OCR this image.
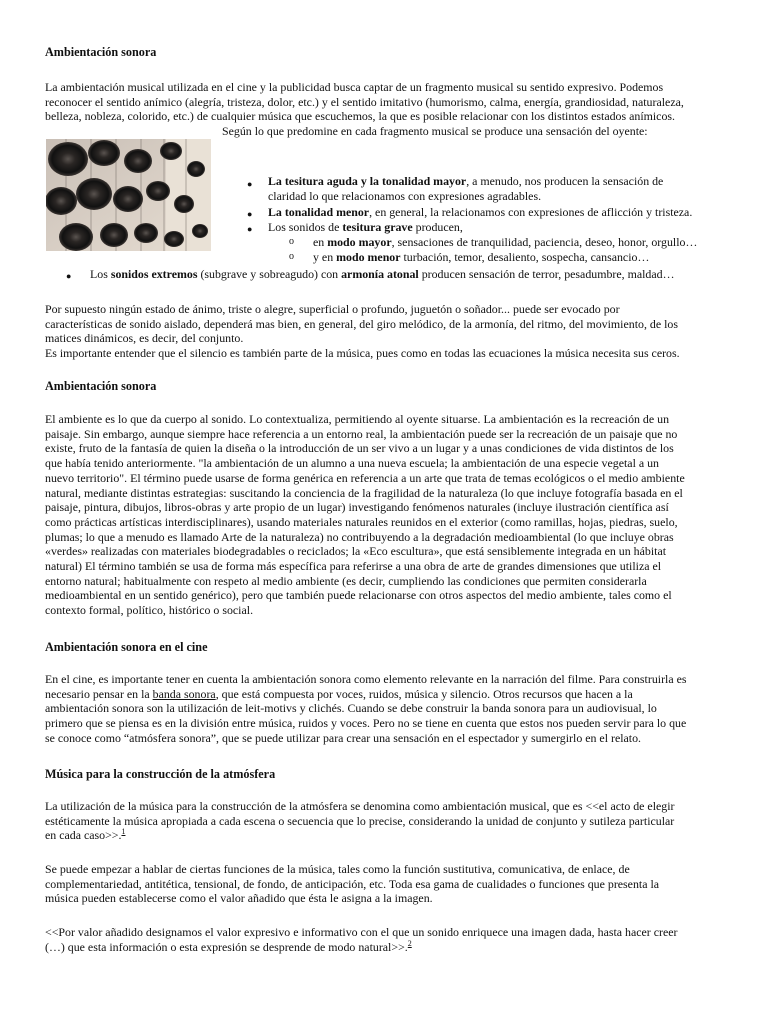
Ambientación sonora
La ambientación musical utilizada en el cine y la publicidad busca captar de un fragmento musical su sentido expresivo. Podemos
reconocer el sentido anímico (alegría, tristeza, dolor, etc.) y el sentido imitativo (humorismo, calma, energía, grandiosidad, naturaleza,
belleza, nobleza, colorido, etc.) de cualquier música que escuchemos, la que es posible relacionar con los distintos estados anímicos.
Según lo que predomine en cada fragmento musical se produce una sensación del oyente:
● La tesitura aguda y la tonalidad mayor, a menudo, nos producen la sensación de
claridad lo que relacionamos con expresiones agradables.
● La tonalidad menor, en general, la relacionamos con expresiones de aflicción y tristeza.
● Los sonidos de tesitura grave producen,
o en modo mayor, sensaciones de tranquilidad, paciencia, deseo, honor, orgullo…
o y en modo menor turbación, temor, desaliento, sospecha, cansancio…
● Los sonidos extremos (subgrave y sobreagudo) con armonía atonal producen sensación de terror, pesadumbre, maldad…
Por supuesto ningún estado de ánimo, triste o alegre, superficial o profundo, juguetón o soñador... puede ser evocado por
características de sonido aislado, dependerá mas bien, en general, del giro melódico, de la armonía, del ritmo, del movimiento, de los
matices dinámicos, es decir, del conjunto.
Es importante entender que el silencio es también parte de la música, pues como en todas las ecuaciones la música necesita sus ceros.
Ambientación sonora
El ambiente es lo que da cuerpo al sonido. Lo contextualiza, permitiendo al oyente situarse. La ambientación es la recreación de un
paisaje. Sin embargo, aunque siempre hace referencia a un entorno real, la ambientación puede ser la recreación de un paisaje que no
existe, fruto de la fantasía de quien la diseña o la introducción de un ser vivo a un lugar y a unas condiciones de vida distintos de los
que había tenido anteriormente. "la ambientación de un alumno a una nueva escuela; la ambientación de una especie vegetal a un
nuevo territorio". El término puede usarse de forma genérica en referencia a un arte que trata de temas ecológicos o el medio ambiente
natural, mediante distintas estrategias: suscitando la conciencia de la fragilidad de la naturaleza (lo que incluye fotografía basada en el
paisaje, pintura, dibujos, libros-obras y arte propio de un lugar) investigando fenómenos naturales (incluye ilustración científica así
como prácticas artísticas interdisciplinares), usando materiales naturales reunidos en el exterior (como ramillas, hojas, piedras, suelo,
plumas; lo que a menudo es llamado Arte de la naturaleza) no contribuyendo a la degradación medioambiental (lo que incluye obras
«verdes» realizadas con materiales biodegradables o reciclados; la «Eco escultura», que está sensiblemente integrada en un hábitat
natural) El término también se usa de forma más específica para referirse a una obra de arte de grandes dimensiones que utiliza el
entorno natural; habitualmente con respeto al medio ambiente (es decir, cumpliendo las condiciones que permiten considerarla
medioambiental en un sentido genérico), pero que también puede relacionarse con otros aspectos del medio ambiente, tales como el
contexto formal, político, histórico o social.
Ambientación sonora en el cine
En el cine, es importante tener en cuenta la ambientación sonora como elemento relevante en la narración del filme. Para construirla es
necesario pensar en la banda sonora, que está compuesta por voces, ruidos, música y silencio. Otros recursos que hacen a la
ambientación sonora son la utilización de leit-motivs y clichés. Cuando se debe construir la banda sonora para un audiovisual, lo
primero que se piensa es en la división entre música, ruidos y voces. Pero no se tiene en cuenta que estos nos pueden servir para lo que
se conoce como “atmósfera sonora”, que se puede utilizar para crear una sensación en el espectador y sumergirlo en el relato.
Música para la construcción de la atmósfera
La utilización de la música para la construcción de la atmósfera se denomina como ambientación musical, que es <<el acto de elegir
estéticamente la música apropiada a cada escena o secuencia que lo precise, considerando la unidad de conjunto y sutileza particular
en cada caso>>.$^1$
Se puede empezar a hablar de ciertas funciones de la música, tales como la función sustitutiva, comunicativa, de enlace, de
complementariedad, antitética, tensional, de fondo, de anticipación, etc. Toda esa gama de cualidades o funciones que presenta la
música pueden establecerse como el valor añadido que ésta le asigna a la imagen.
<<Por valor añadido designamos el valor expresivo e informativo con el que un sonido enriquece una imagen dada, hasta hacer creer
(…) que esta información o esta expresión se desprende de modo natural>>.$^2$
